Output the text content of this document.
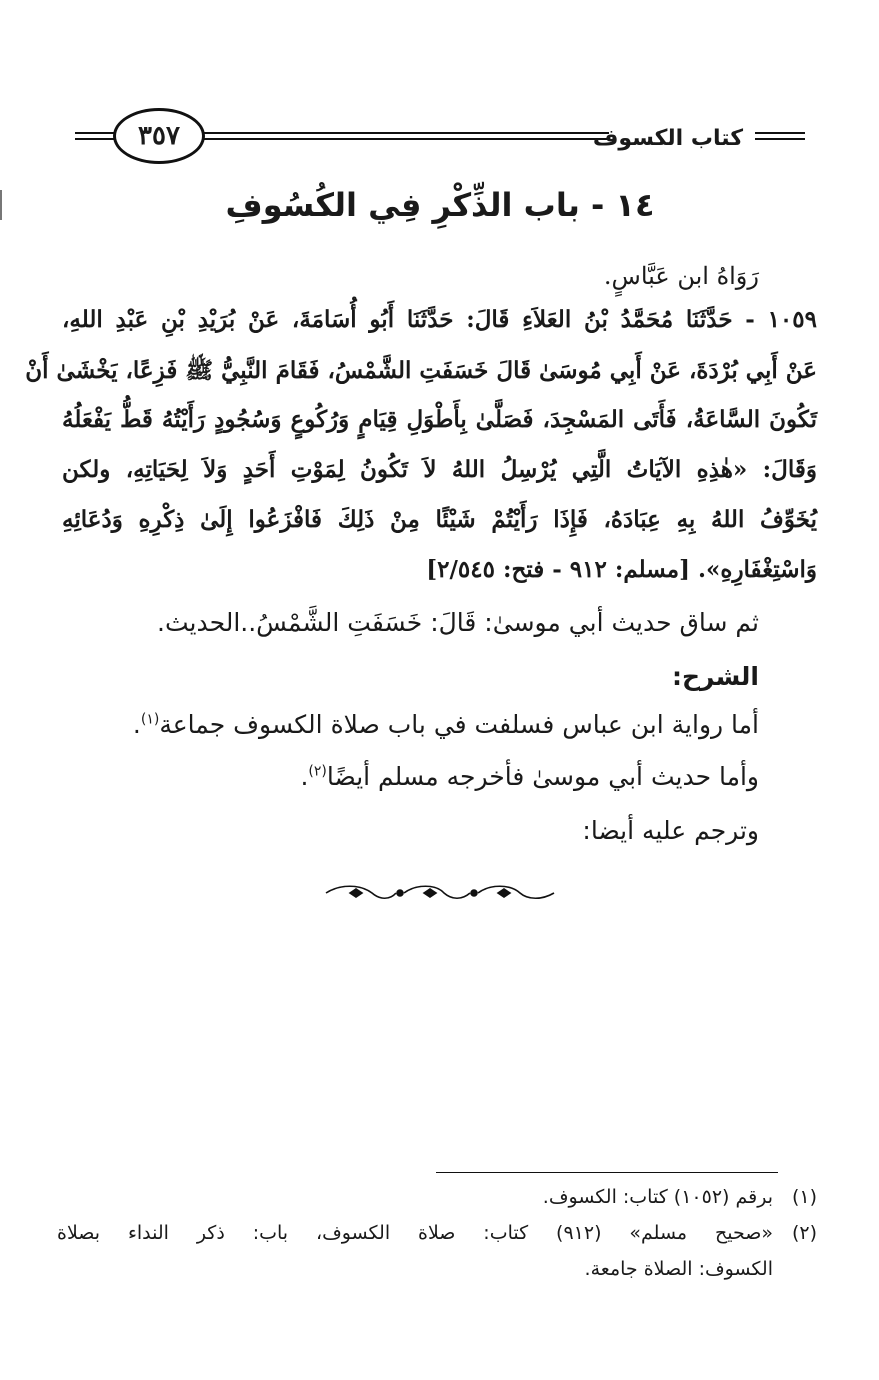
٣٥٧	كتاب الكسوف
١٤ - باب الذِّكْرِ فِي الكُسُوفِ
رَوَاهُ ابن عَبَّاسٍ.
١٠٥٩ - حَدَّثَنَا مُحَمَّدُ بْنُ العَلاَءِ قَالَ: حَدَّثَنَا أَبُو أُسَامَةَ، عَنْ بُرَيْدِ بْنِ عَبْدِ اللهِ،
عَنْ أَبِي بُرْدَةَ، عَنْ أَبِي مُوسَىٰ قَالَ خَسَفَتِ الشَّمْسُ، فَقَامَ النَّبِيُّ ﷺ فَزِعًا، يَخْشَىٰ أَنْ
تَكُونَ السَّاعَةُ، فَأَتَى المَسْجِدَ، فَصَلَّىٰ بِأَطْوَلِ قِيَامٍ وَرُكُوعٍ وَسُجُودٍ رَأَيْتُهُ قَطُّ يَفْعَلُهُ
وَقَالَ: «هٰذِهِ الآيَاتُ الَّتِي يُرْسِلُ اللهُ لاَ تَكُونُ لِمَوْتِ أَحَدٍ وَلاَ لِحَيَاتِهِ، ولكن
يُخَوِّفُ اللهُ بِهِ عِبَادَهُ، فَإِذَا رَأَيْتُمْ شَيْئًا مِنْ ذَلِكَ فَافْزَعُوا إِلَىٰ ذِكْرِهِ وَدُعَائِهِ
وَاسْتِغْفَارِهِ». [مسلم: ٩١٢ - فتح: ٢/٥٤٥]
ثم ساق حديث أبي موسىٰ: قَالَ: خَسَفَتِ الشَّمْسُ..الحديث.
الشرح:
أما رواية ابن عباس فسلفت في باب صلاة الكسوف جماعة$^{(١)}$.
وأما حديث أبي موسىٰ فأخرجه مسلم أيضًا$^{(٢)}$.
وترجم عليه أيضا:
(١)برقم (١٠٥٢) كتاب: الكسوف.
(٢)«صحيح مسلم» (٩١٢) كتاب: صلاة الكسوف، باب: ذكر النداء بصلاة
الكسوف: الصلاة جامعة.
